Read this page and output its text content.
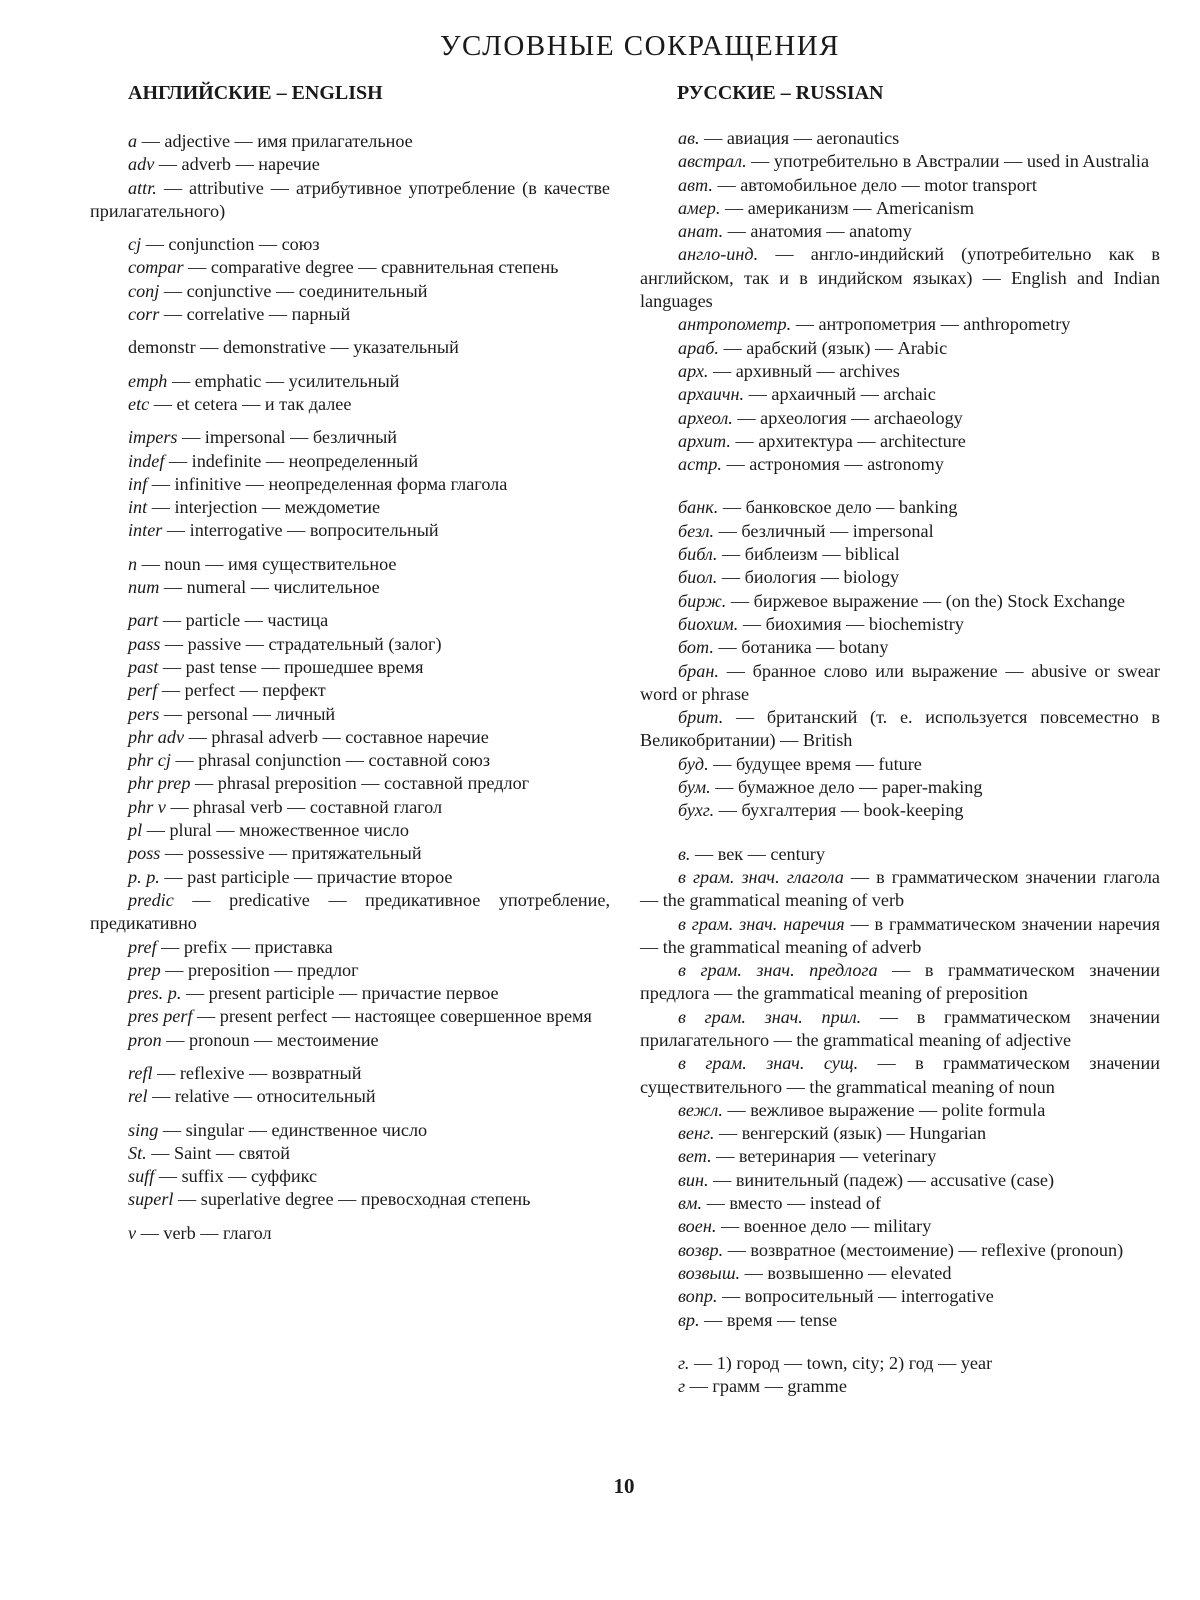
УСЛОВНЫЕ СОКРАЩЕНИЯ
АНГЛИЙСКИЕ – ENGLISH
a — adjective — имя прилагательное
adv — adverb — наречие
attr. — attributive — атрибутивное употребление (в качестве прилагательного)
cj — conjunction — союз
compar — comparative degree — сравнительная степень
conj — conjunctive — соединительный
corr — correlative — парный
demonstr — demonstrative — указательный
emph — emphatic — усилительный
etc — et cetera — и так далее
impers — impersonal — безличный
indef — indefinite — неопределенный
inf — infinitive — неопределенная форма глагола
int — interjection — междометие
inter — interrogative — вопросительный
n — noun — имя существительное
num — numeral — числительное
part — particle — частица
pass — passive — страдательный (залог)
past — past tense — прошедшее время
perf — perfect — перфект
pers — personal — личный
phr adv — phrasal adverb — составное наречие
phr cj — phrasal conjunction — составной союз
phr prep — phrasal preposition — составной предлог
phr v — phrasal verb — составной глагол
pl — plural — множественное число
poss — possessive — притяжательный
p. p. — past participle — причастие второе
predic — predicative — предикативное употребление, предикативно
pref — prefix — приставка
prep — preposition — предлог
pres. p. — present participle — причастие первое
pres perf — present perfect — настоящее совершенное время
pron — pronoun — местоимение
refl — reflexive — возвратный
rel — relative — относительный
sing — singular — единственное число
St. — Saint — святой
suff — suffix — суффикс
superl — superlative degree — превосходная степень
v — verb — глагол
РУССКИЕ – RUSSIAN
ав. — авиация — aeronautics
австрал. — употребительно в Австралии — used in Australia
авт. — автомобильное дело — motor transport
амер. — американизм — Americanism
анат. — анатомия — anatomy
англо-инд. — англо-индийский (употребительно как в английском, так и в индийском языках) — English and Indian languages
антропометр. — антропометрия — anthropometry
араб. — арабский (язык) — Arabic
арх. — архивный — archives
архаичн. — архаичный — archaic
археол. — археология — archaeology
архит. — архитектура — architecture
астр. — астрономия — astronomy
банк. — банковское дело — banking
безл. — безличный — impersonal
библ. — библеизм — biblical
биол. — биология — biology
бирж. — биржевое выражение — (on the) Stock Exchange
биохим. — биохимия — biochemistry
бот. — ботаника — botany
бран. — бранное слово или выражение — abusive or swear word or phrase
брит. — британский (т. е. используется повсеместно в Великобритании) — British
буд. — будущее время — future
бум. — бумажное дело — paper-making
бухг. — бухгалтерия — book-keeping
в. — век — century
в грам. знач. глагола — в грамматическом значении глагола — the grammatical meaning of verb
в грам. знач. наречия — в грамматическом значении наречия — the grammatical meaning of adverb
в грам. знач. предлога — в грамматическом значении предлога — the grammatical meaning of preposition
в грам. знач. прил. — в грамматическом значении прилагательного — the grammatical meaning of adjective
в грам. знач. сущ. — в грамматическом значении существительного — the grammatical meaning of noun
вежл. — вежливое выражение — polite formula
венг. — венгерский (язык) — Hungarian
вет. — ветеринария — veterinary
вин. — винительный (падеж) — accusative (case)
вм. — вместо — instead of
воен. — военное дело — military
возвр. — возвратное (местоимение) — reflexive (pronoun)
возвыш. — возвышенно — elevated
вопр. — вопросительный — interrogative
вр. — время — tense
г. — 1) город — town, city; 2) год — year
г — грамм — gramme
10
